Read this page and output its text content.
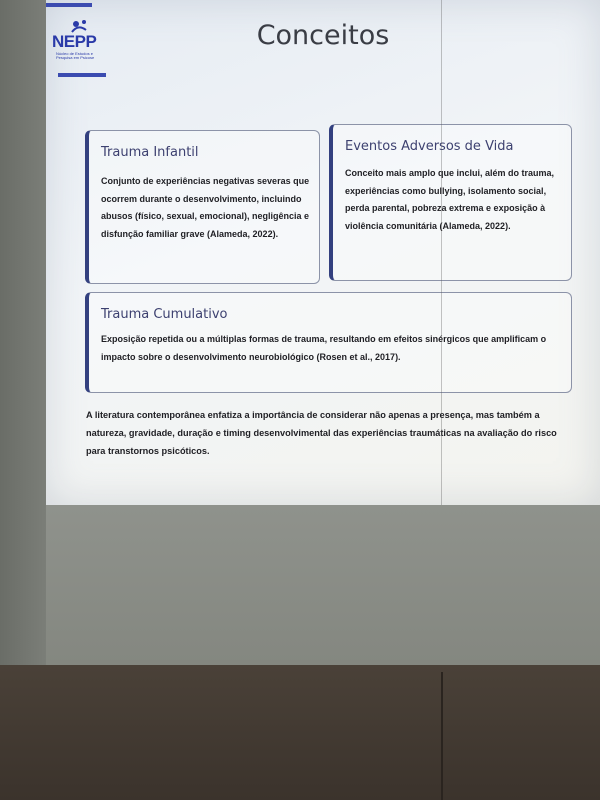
NEPP
Núcleo de Estudos e Pesquisa em Psicose
Conceitos
Trauma Infantil
Conjunto de experiências negativas severas que ocorrem durante o desenvolvimento, incluindo abusos (físico, sexual, emocional), negligência e disfunção familiar grave (Alameda, 2022).
Eventos Adversos de Vida
Conceito mais amplo que inclui, além do trauma, experiências como bullying, isolamento social, perda parental, pobreza extrema e exposição à violência comunitária (Alameda, 2022).
Trauma Cumulativo
Exposição repetida ou a múltiplas formas de trauma, resultando em efeitos sinérgicos que amplificam o impacto sobre o desenvolvimento neurobiológico (Rosen et al., 2017).
A literatura contemporânea enfatiza a importância de considerar não apenas a presença, mas também a natureza, gravidade, duração e timing desenvolvimental das experiências traumáticas na avaliação do risco para transtornos psicóticos.
